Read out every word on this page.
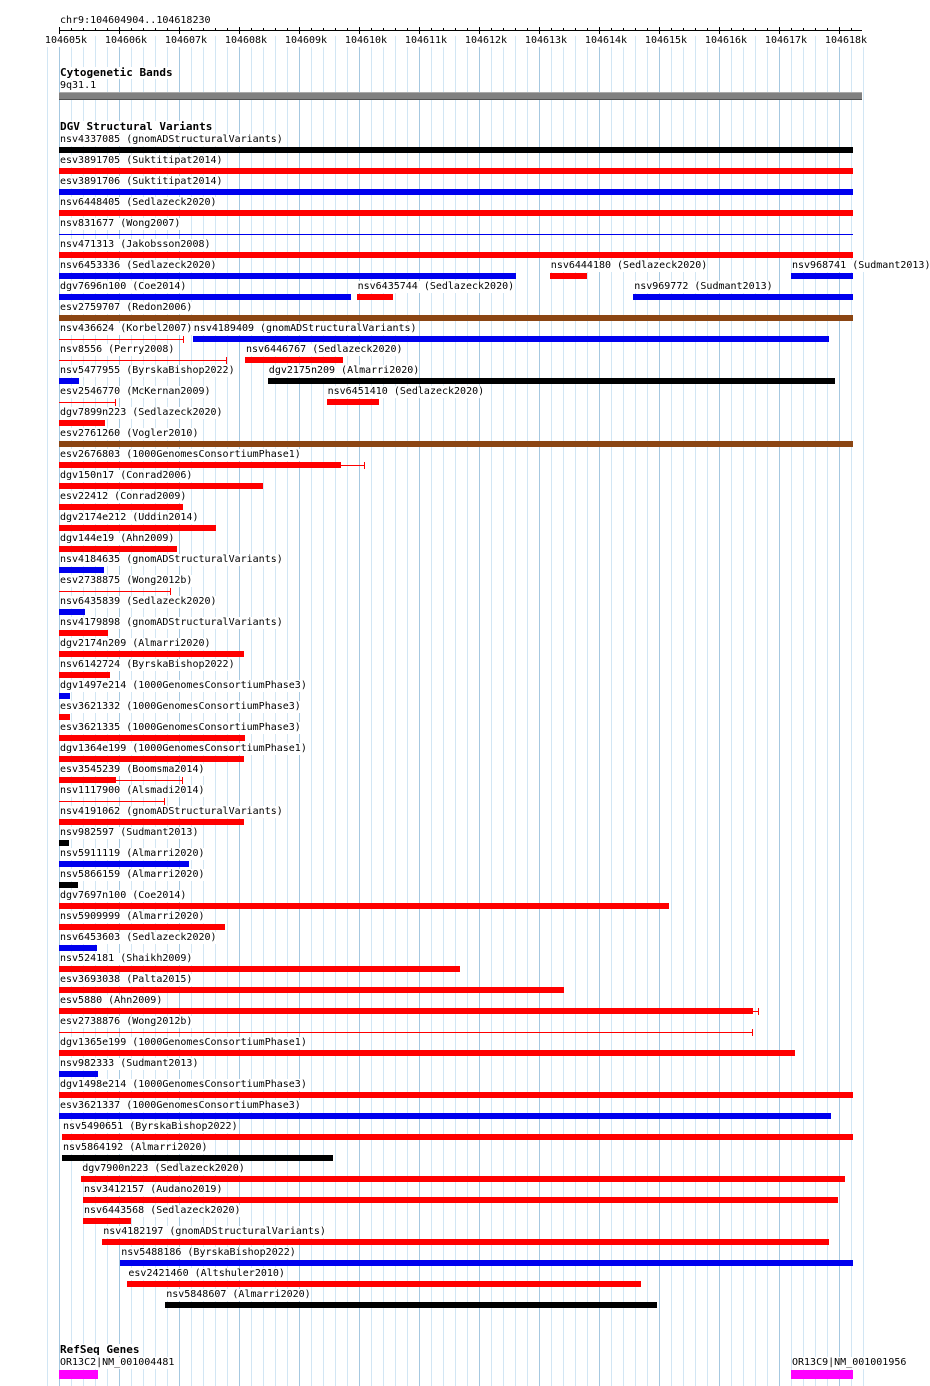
chr9:104604904..104618230
104605k 104606k 104607k 104608k 104609k 104610k 104611k 104612k 104613k 104614k 104615k 104616k 104617k 104618k
Cytogenetic Bands
9q31.1
DGV Structural Variants
nsv4337085 (gnomADStructuralVariants)
esv3891705 (Suktitipat2014)
esv3891706 (Suktitipat2014)
nsv6448405 (Sedlazeck2020)
nsv831677 (Wong2007)
nsv471313 (Jakobsson2008)
nsv6453336 (Sedlazeck2020)	nsv6444180 (Sedlazeck2020)	nsv968741 (Sudmant2013)
dgv7696n100 (Coe2014)	nsv6435744 (Sedlazeck2020)	nsv969772 (Sudmant2013)
esv2759707 (Redon2006)
nsv436624 (Korbel2007) nsv4189409 (gnomADStructuralVariants)
nsv8556 (Perry2008)	nsv6446767 (Sedlazeck2020)
nsv5477955 (ByrskaBishop2022)	dgv2175n209 (Almarri2020)
esv2546770 (McKernan2009)	nsv6451410 (Sedlazeck2020)
dgv7899n223 (Sedlazeck2020)
esv2761260 (Vogler2010)
esv2676803 (1000GenomesConsortiumPhase1)
dgv150n17 (Conrad2006)
esv22412 (Conrad2009)
dgv2174e212 (Uddin2014)
dgv144e19 (Ahn2009)
nsv4184635 (gnomADStructuralVariants)
esv2738875 (Wong2012b)
nsv6435839 (Sedlazeck2020)
nsv4179898 (gnomADStructuralVariants)
dgv2174n209 (Almarri2020)
nsv6142724 (ByrskaBishop2022)
dgv1497e214 (1000GenomesConsortiumPhase3)
esv3621332 (1000GenomesConsortiumPhase3)
esv3621335 (1000GenomesConsortiumPhase3)
dgv1364e199 (1000GenomesConsortiumPhase1)
esv3545239 (Boomsma2014)
nsv1117900 (Alsmadi2014)
nsv4191062 (gnomADStructuralVariants)
nsv982597 (Sudmant2013)
nsv5911119 (Almarri2020)
nsv5866159 (Almarri2020)
dgv7697n100 (Coe2014)
nsv5909999 (Almarri2020)
nsv6453603 (Sedlazeck2020)
nsv524181 (Shaikh2009)
esv3693038 (Palta2015)
esv5880 (Ahn2009)
esv2738876 (Wong2012b)
dgv1365e199 (1000GenomesConsortiumPhase1)
nsv982333 (Sudmant2013)
dgv1498e214 (1000GenomesConsortiumPhase3)
esv3621337 (1000GenomesConsortiumPhase3)
nsv5490651 (ByrskaBishop2022)
nsv5864192 (Almarri2020)
dgv7900n223 (Sedlazeck2020)
nsv3412157 (Audano2019)
nsv6443568 (Sedlazeck2020)
nsv4182197 (gnomADStructuralVariants)
nsv5488186 (ByrskaBishop2022)
esv2421460 (Altshuler2010)
nsv5848607 (Almarri2020)
RefSeq Genes
OR13C2|NM_001004481	OR13C9|NM_001001956
